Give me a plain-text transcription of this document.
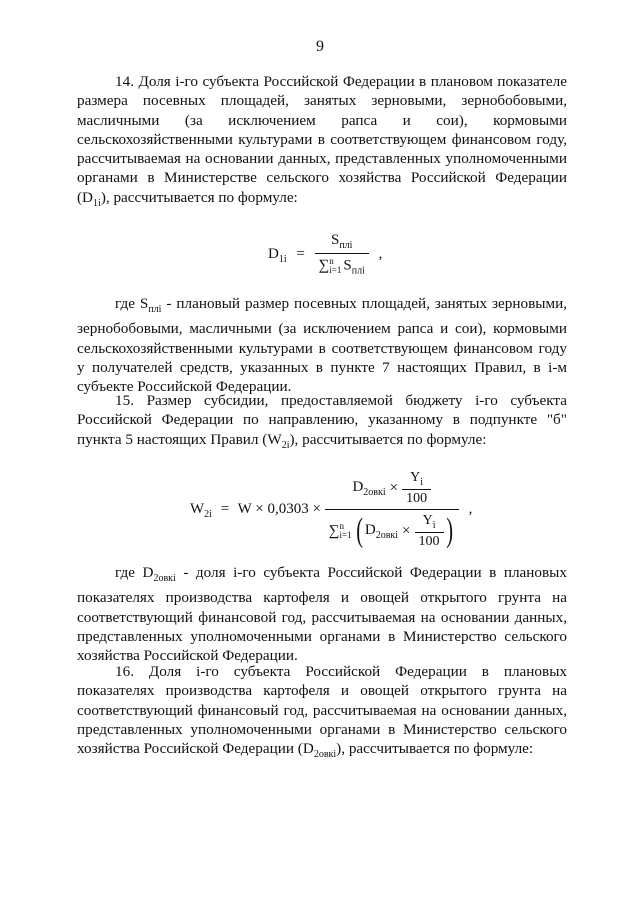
9
14. Доля i-го субъекта Российской Федерации в плановом показателе размера посевных площадей, занятых зерновыми, зернобобовыми, масличными (за исключением рапса и сои), кормовыми сельскохозяйственными культурами в соответствующем финансовом году, рассчитываемая на основании данных, представленных уполномоченными органами в Министерстве сельского хозяйства Российской Федерации $(D_{1i})$, рассчитывается по формуле:
$D_{1i} = S_{плi}$
∑ n
i=1 $S_{плi}$ ,
где $S_{плi}$ - плановый размер посевных площадей, занятых зерновыми, зернобобовыми, масличными (за исключением рапса и сои), кормовыми сельскохозяйственными культурами в соответствующем финансовом году у получателей средств, указанных в пункте 7 настоящих Правил, в i-м субъекте Российской Федерации.
15. Размер субсидии, предоставляемой бюджету i-го субъекта Российской Федерации по направлению, указанному в подпункте "б" пункта 5 настоящих Правил $(W_{2i})$, рассчитывается по формуле:
$W_{2i} = W \times 0,0303$ ×
$D_{2овкi} \times \frac{Y_i}{100}$
∑ n
i=1 ( $D_{2овкi} \times \frac{Y_i}{100}$ )
,
где $D_{2овкi}$ - доля i-го субъекта Российской Федерации в плановых показателях производства картофеля и овощей открытого грунта на соответствующий финансовой год, рассчитываемая на основании данных, представленных уполномоченными органами в Министерство сельского хозяйства Российской Федерации.
16. Доля i-го субъекта Российской Федерации в плановых показателях производства картофеля и овощей открытого грунта на соответствующий финансовый год, рассчитываемая на основании данных, представленных уполномоченными органами в Министерство сельского хозяйства Российской Федерации $(D_{2овкi})$, рассчитывается по формуле:
